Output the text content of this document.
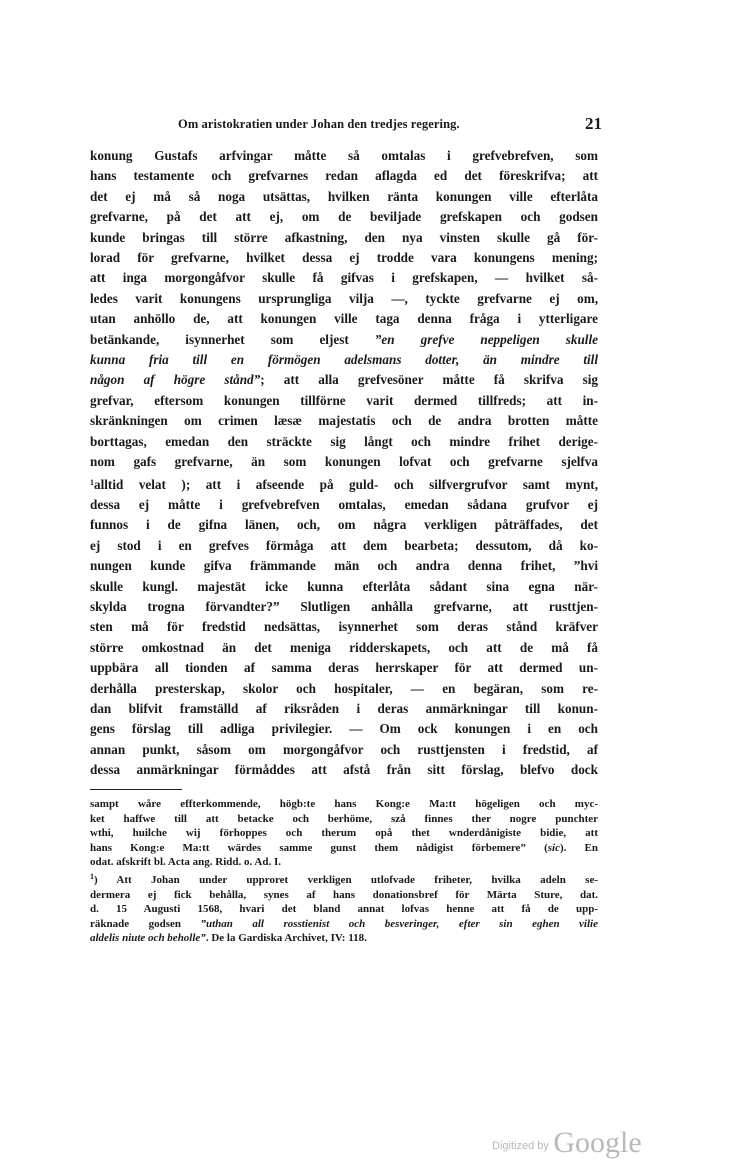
Om aristokratien under Johan den tredjes regering.	21
konung Gustafs arfvingar måtte så omtalas i grefvebrefven, som
hans testamente och grefvarnes redan aflagda ed det föreskrifva; att
det ej må så noga utsättas, hvilken ränta konungen ville efterlåta
grefvarne, på det att ej, om de beviljade grefskapen och godsen
kunde bringas till större afkastning, den nya vinsten skulle gå för-
lorad för grefvarne, hvilket dessa ej trodde vara konungens mening;
att inga morgongåfvor skulle få gifvas i grefskapen, — hvilket så-
ledes varit konungens ursprungliga vilja —, tyckte grefvarne ej om,
utan anhöllo de, att konungen ville taga denna fråga i ytterligare
betänkande, isynnerhet som eljest ”en grefve neppeligen skulle
kunna fria till en förmögen adelsmans dotter, än mindre till
någon af högre stånd”; att alla grefvesöner måtte få skrifva sig
grefvar, eftersom konungen tillförne varit dermed tillfreds; att in-
skränkningen om crimen læsæ majestatis och de andra brotten måtte
borttagas, emedan den sträckte sig långt och mindre frihet derige-
nom gafs grefvarne, än som konungen lofvat och grefvarne sjelfva
$^1$alltid velat ); att i afseende på guld- och silfvergrufvor samt mynt,
dessa ej måtte i grefvebrefven omtalas, emedan sådana grufvor ej
funnos i de gifna länen, och, om några verkligen påträffades, det
ej stod i en grefves förmåga att dem bearbeta; dessutom, då ko-
nungen kunde gifva främmande män och andra denna frihet, ”hvi
skulle kungl. majestät icke kunna efterlåta sådant sina egna när-
skylda trogna förvandter?” Slutligen anhålla grefvarne, att rusttjen-
sten må för fredstid nedsättas, isynnerhet som deras stånd kräfver
större omkostnad än det meniga ridderskapets, och att de må få
uppbära all tionden af samma deras herrskaper för att dermed un-
derhålla presterskap, skolor och hospitaler, — en begäran, som re-
dan blifvit framställd af riksråden i deras anmärkningar till konun-
gens förslag till adliga privilegier. — Om ock konungen i en och
annan punkt, såsom om morgongåfvor och rusttjensten i fredstid, af
dessa anmärkningar förmåddes att afstå från sitt förslag, blefvo dock
sampt wåre effterkommende, högb:te hans Kong:e Ma:tt högeligen och myc-
ket haffwe till att betacke och berhöme, szå finnes ther nogre punchter
wthi, huilche wij förhoppes och therum opå thet wnderdånigiste bidie, att
hans Kong:e Ma:tt wärdes samme gunst them nådigist förbemere” (sic). En
odat. afskrift bl. Acta ang. Ridd. o. Ad. I.
$^1$) Att Johan under upproret verkligen utlofvade friheter, hvilka adeln se-
dermera ej fick behålla, synes af hans donationsbref för Märta Sture, dat.
d. 15 Augusti 1568, hvari det bland annat lofvas henne att få de upp-
räknade godsen ”uthan all rosstienist och besveringer, efter sin eghen vilie
aldelis niute och beholle”. De la Gardiska Archivet, IV: 118.
Digitized by Google
